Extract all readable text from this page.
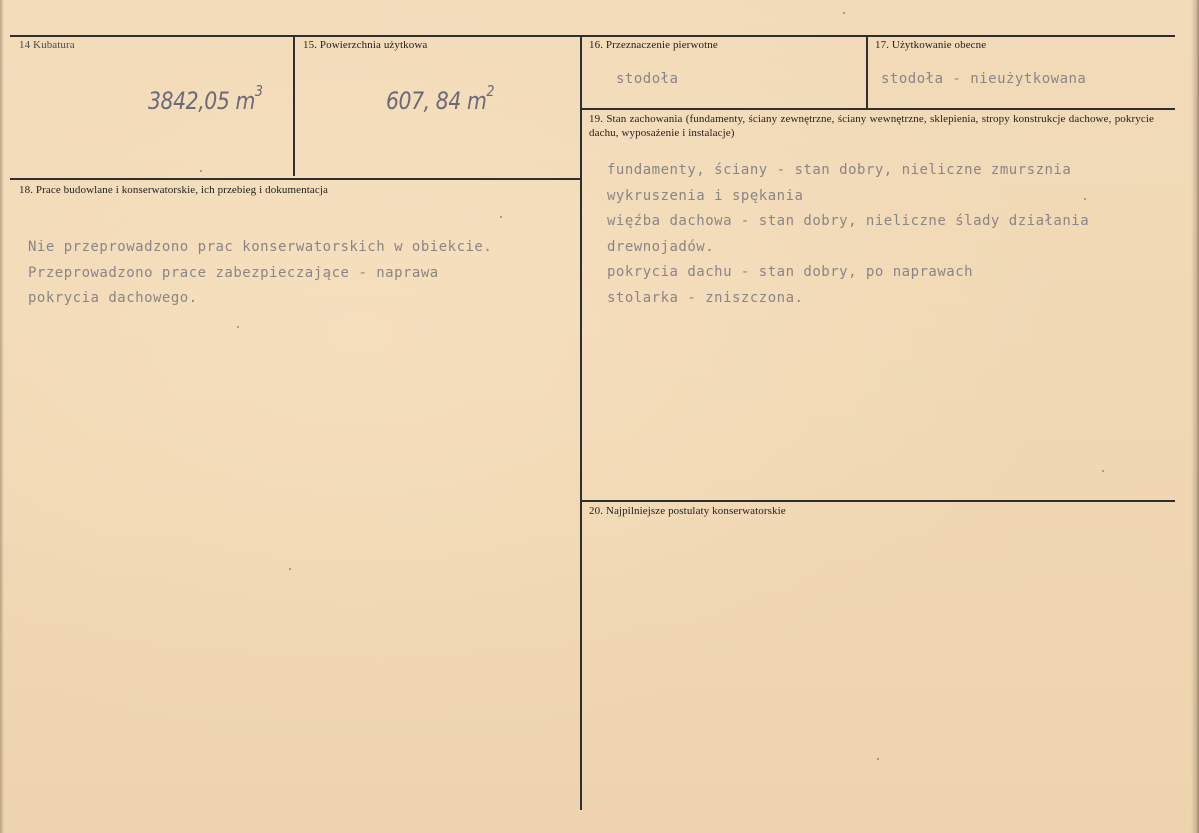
14 Kubatura
3842,05 $m^3$
15. Powierzchnia użytkowa
607, 84 $m^2$
16. Przeznaczenie pierwotne
stodoła
17. Użytkowanie obecne
stodoła - nieużytkowana
18. Prace budowlane i konserwatorskie, ich przebieg i dokumentacja
Nie przeprowadzono prac konserwatorskich w obiekcie.
Przeprowadzono prace zabezpieczające - naprawa
pokrycia dachowego.
19. Stan zachowania (fundamenty, ściany zewnętrzne, ściany wewnętrzne, sklepienia, stropy konstrukcje dachowe, pokrycie dachu, wyposażenie i instalacje)
fundamenty, ściany - stan dobry, nieliczne zmursznia
wykruszenia i spękania
więźba dachowa - stan dobry, nieliczne ślady działania
drewnojadów.
pokrycia dachu - stan dobry, po naprawach
stolarka - zniszczona.
20. Najpilniejsze postulaty konserwatorskie
